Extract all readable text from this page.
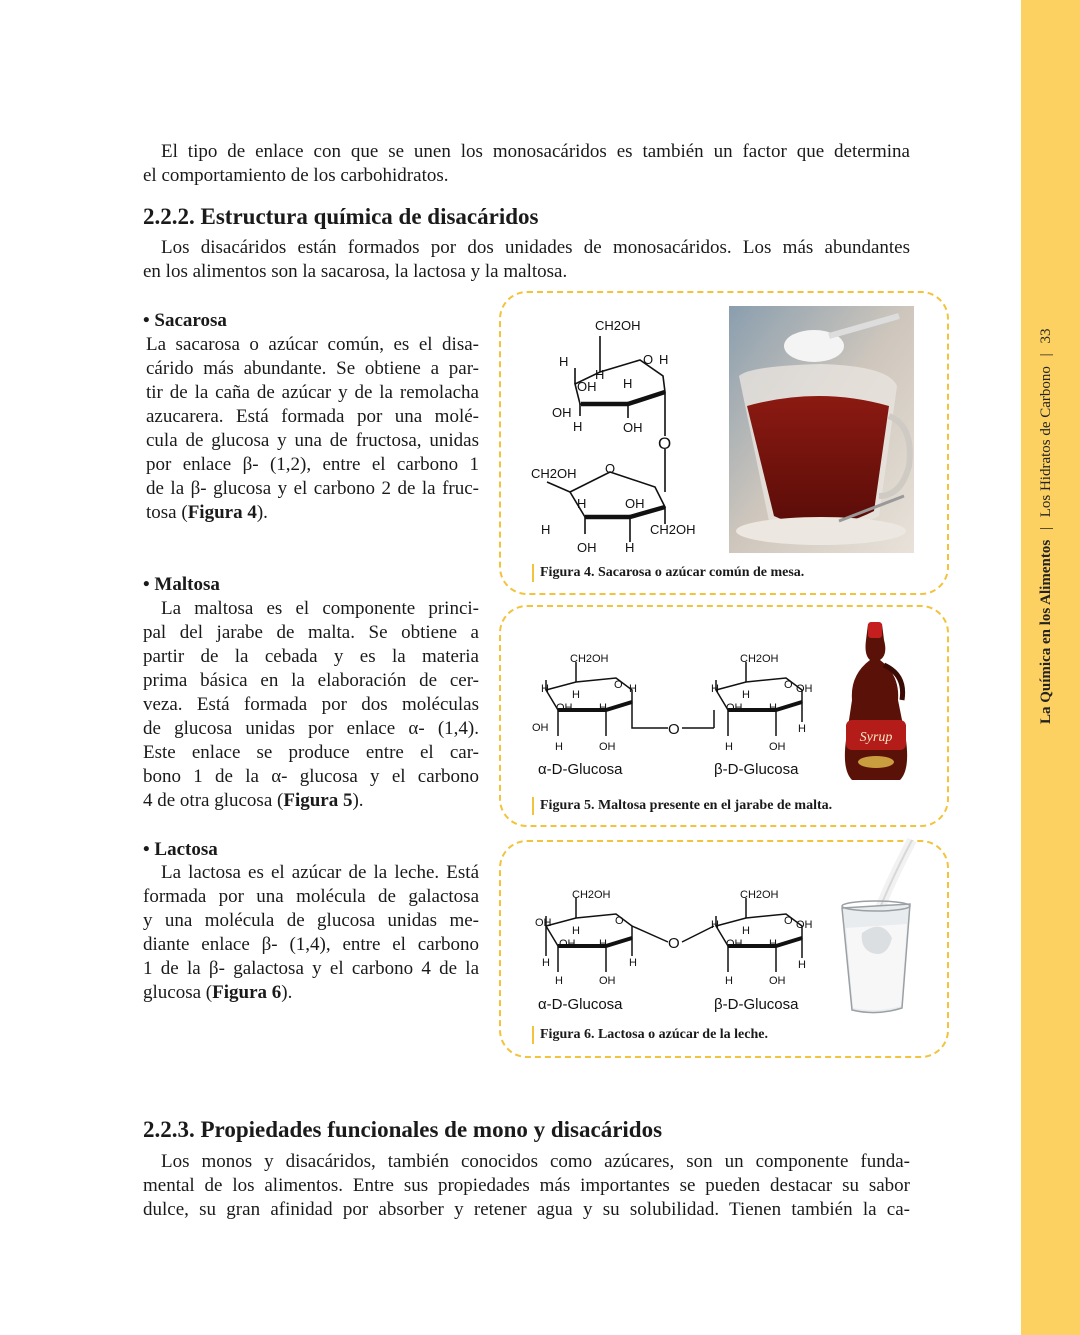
El tipo de enlace con que se unen los monosacáridos es también un factor que determina
el comportamiento de los carbohidratos.
2.2.2. Estructura química de disacáridos
Los disacáridos están formados por dos unidades de monosacáridos. Los más abundantes
en los alimentos son la sacarosa, la lactosa y la maltosa.
• Sacarosa
La sacarosa o azúcar común, es el disa-
cárido más abundante. Se obtiene a par-
tir de la caña de azúcar y de la remolacha
azucarera. Está formada por una molé-
cula de glucosa y una de fructosa, unidas
por enlace β- (1,2), entre el carbono 1
de la β- glucosa y el carbono 2 de la fruc-
tosa (Figura 4).
• Maltosa
La maltosa es el componente princi-
pal del jarabe de malta. Se obtiene a
partir de la cebada y es la materia
prima básica en la elaboración de cer-
veza. Está formada por dos moléculas
de glucosa unidas por enlace α- (1,4).
Este enlace se produce entre el car-
bono 1 de la α- glucosa y el carbono
4 de otra glucosa (Figura 5).
• Lactosa
La lactosa es el azúcar de la leche. Está
formada por una molécula de galactosa
y una molécula de glucosa unidas me-
diante enlace β- (1,4), entre el carbono
1 de la β- galactosa y el carbono 4 de la
glucosa (Figura 6).
CH2OH
H	O H
H
OH H
OH
H	OH
O
CH2OH O
H	OH
H	CH2OH
OH H
Figura 4. Sacarosa o azúcar común de mesa.
CH2OH
H	O H
H
OH H
OH
H	OH
O
CH2OH
H	O OH
H
OH H
H
H	OH
α-D-Glucosa	β-D-Glucosa
Syrup
Figura 5. Maltosa presente en el jarabe de malta.
CH2OH
OH	O
H
OH H
H	H
H	OH
O
CH2OH
H	O OH
H
OH H
H
H	OH
α-D-Glucosa	β-D-Glucosa
Figura 6. Lactosa o azúcar de la leche.
2.2.3. Propiedades funcionales de mono y disacáridos
Los monos y disacáridos, también conocidos como azúcares, son un componente funda-
mental de los alimentos. Entre sus propiedades más importantes se pueden destacar su sabor
dulce, su gran afinidad por absorber y retener agua y su solubilidad. Tienen también la ca-
La Química en los Alimentos | Los Hidratos de Carbono | 33
